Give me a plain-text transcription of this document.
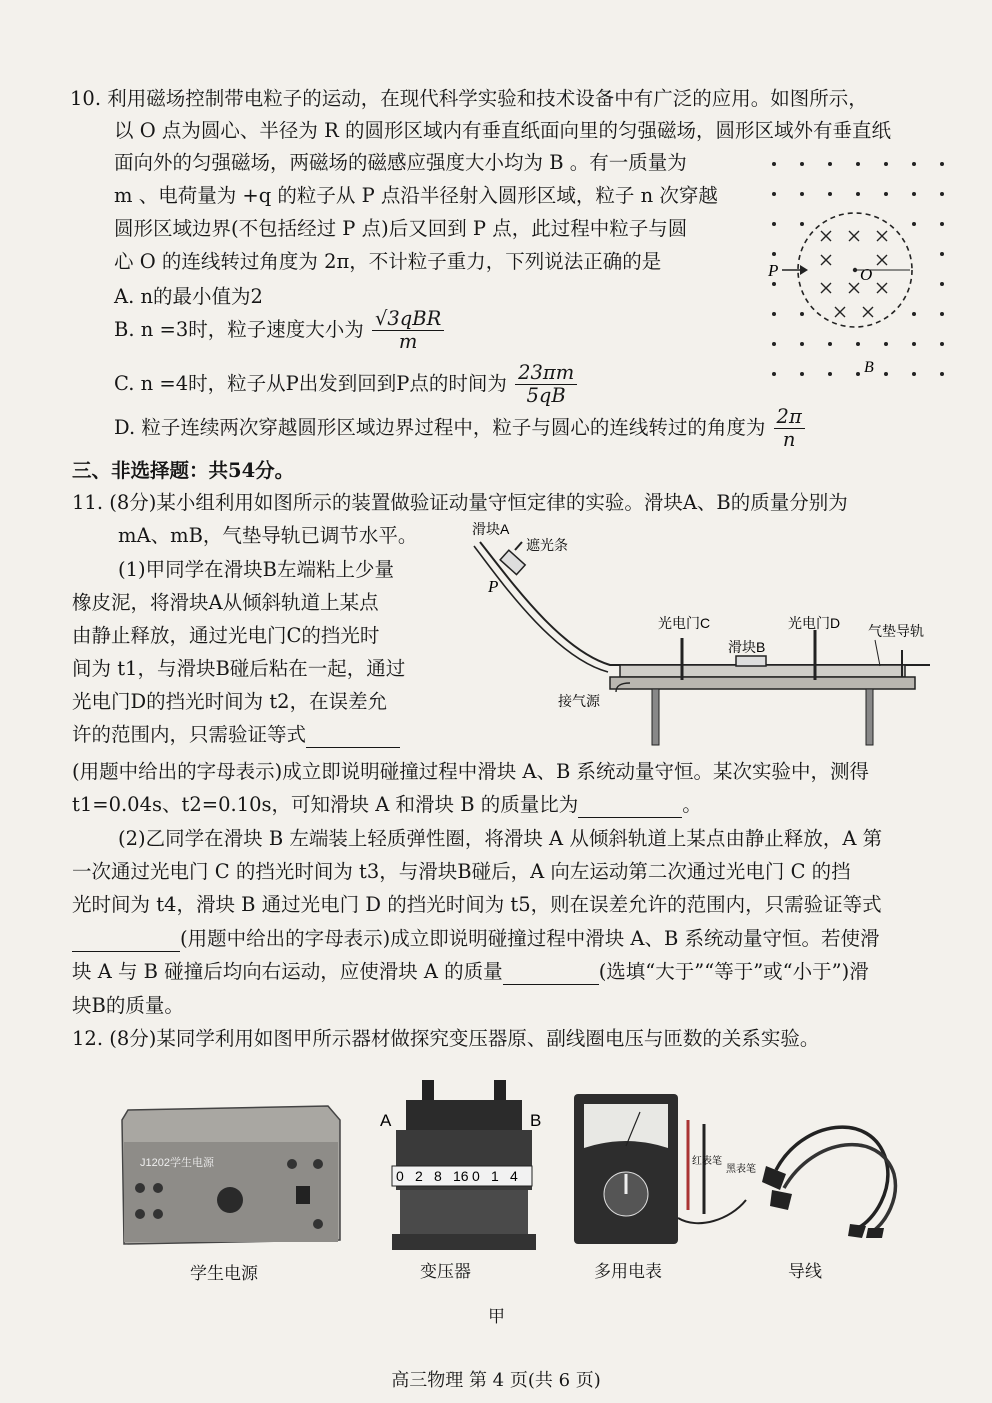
10. 利用磁场控制带电粒子的运动，在现代科学实验和技术设备中有广泛的应用。如图所示，
以 O 点为圆心、半径为 R 的圆形区域内有垂直纸面向里的匀强磁场，圆形区域外有垂直纸
面向外的匀强磁场，两磁场的磁感应强度大小均为 B 。有一质量为
m 、电荷量为 +q 的粒子从 P 点沿半径射入圆形区域，粒子 n 次穿越
圆形区域边界(不包括经过 P 点)后又回到 P 点，此过程中粒子与圆
心 O 的连线转过角度为 2π，不计粒子重力，下列说法正确的是
A. n的最小值为2
B. n =3时，粒子速度大小为 $\frac{\text{√3qBR}}{m}$
C. n =4时，粒子从P出发到回到P点的时间为 $\frac{23\pi m}{5qB}$
D. 粒子连续两次穿越圆形区域边界过程中，粒子与圆心的连线转过的角度为 $\frac{2\pi}{n}$
P	O
B
三、非选择题：共54分。
11. (8分)某小组利用如图所示的装置做验证动量守恒定律的实验。滑块A、B的质量分别为
mA、mB，气垫导轨已调节水平。
(1)甲同学在滑块B左端粘上少量
橡皮泥，将滑块A从倾斜轨道上某点
由静止释放，通过光电门C的挡光时
间为 t1，与滑块B碰后粘在一起，通过
光电门D的挡光时间为 t2，在误差允
许的范围内，只需验证等式
(用题中给出的字母表示)成立即说明碰撞过程中滑块 A、B 系统动量守恒。某次实验中，测得
t1=0.04s、t2=0.10s，可知滑块 A 和滑块 B 的质量比为	。
(2)乙同学在滑块 B 左端装上轻质弹性圈，将滑块 A 从倾斜轨道上某点由静止释放，A 第
一次通过光电门 C 的挡光时间为 t3，与滑块B碰后，A 向左运动第二次通过光电门 C 的挡
光时间为 t4，滑块 B 通过光电门 D 的挡光时间为 t5，则在误差允许的范围内，只需验证等式
(用题中给出的字母表示)成立即说明碰撞过程中滑块 A、B 系统动量守恒。若使滑
块 A 与 B 碰撞后均向右运动，应使滑块 A 的质量	(选填“大于”“等于”或“小于”)滑
块B的质量。
滑块A
遮光条
P
光电门C	光电门D 气垫导轨
滑块B
接气源
12. (8分)某同学利用如图甲所示器材做探究变压器原、副线圈电压与匝数的关系实验。
J1202学生电源
学生电源
A	B
0 2 8 16 0 1 4
变压器
红表笔
黑表笔
多用电表	导线
甲
高三物理 第 4 页(共 6 页)
